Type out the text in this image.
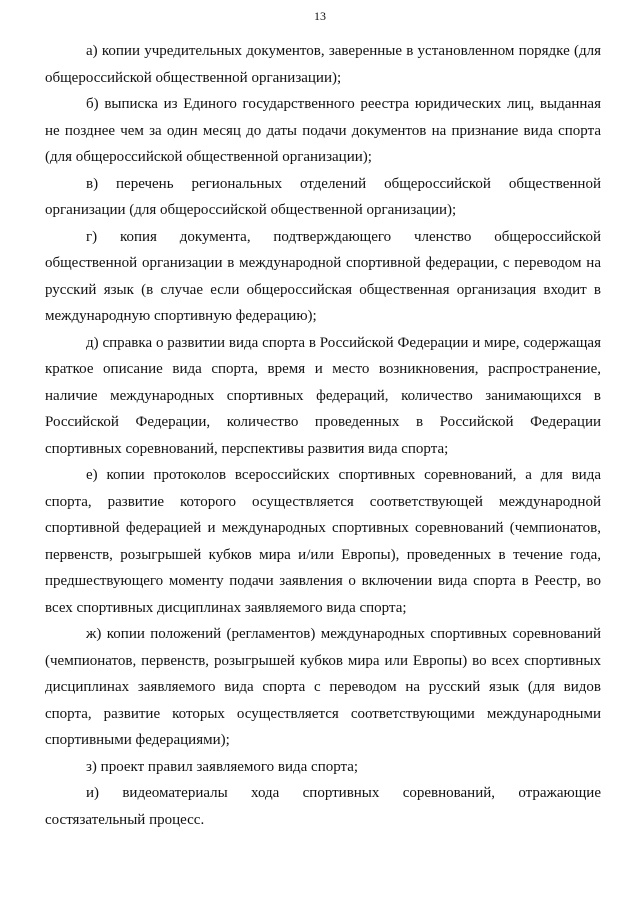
13

а) копии учредительных документов, заверенные в установленном порядке (для общероссийской общественной организации);

б) выписка из Единого государственного реестра юридических лиц, выданная не позднее чем за один месяц до даты подачи документов на признание вида спорта (для общероссийской общественной организации);

в) перечень региональных отделений общероссийской общественной организации (для общероссийской общественной организации);

г) копия документа, подтверждающего членство общероссийской общественной организации в международной спортивной федерации, с переводом на русский язык (в случае если общероссийская общественная организация входит в международную спортивную федерацию);

д) справка о развитии вида спорта в Российской Федерации и мире, содержащая краткое описание вида спорта, время и место возникновения, распространение, наличие международных спортивных федераций, количество занимающихся в Российской Федерации, количество проведенных в Российской Федерации спортивных соревнований, перспективы развития вида спорта;

е) копии протоколов всероссийских спортивных соревнований, а для вида спорта, развитие которого осуществляется соответствующей международной спортивной федерацией и международных спортивных соревнований (чемпионатов, первенств, розыгрышей кубков мира и/или Европы), проведенных в течение года, предшествующего моменту подачи заявления о включении вида спорта в Реестр, во всех спортивных дисциплинах заявляемого вида спорта;

ж) копии положений (регламентов) международных спортивных соревнований (чемпионатов, первенств, розыгрышей кубков мира или Европы) во всех спортивных дисциплинах заявляемого вида спорта с переводом на русский язык (для видов спорта, развитие которых осуществляется соответствующими международными спортивными федерациями);

з) проект правил заявляемого вида спорта;

и) видеоматериалы хода спортивных соревнований, отражающие состязательный процесс.
